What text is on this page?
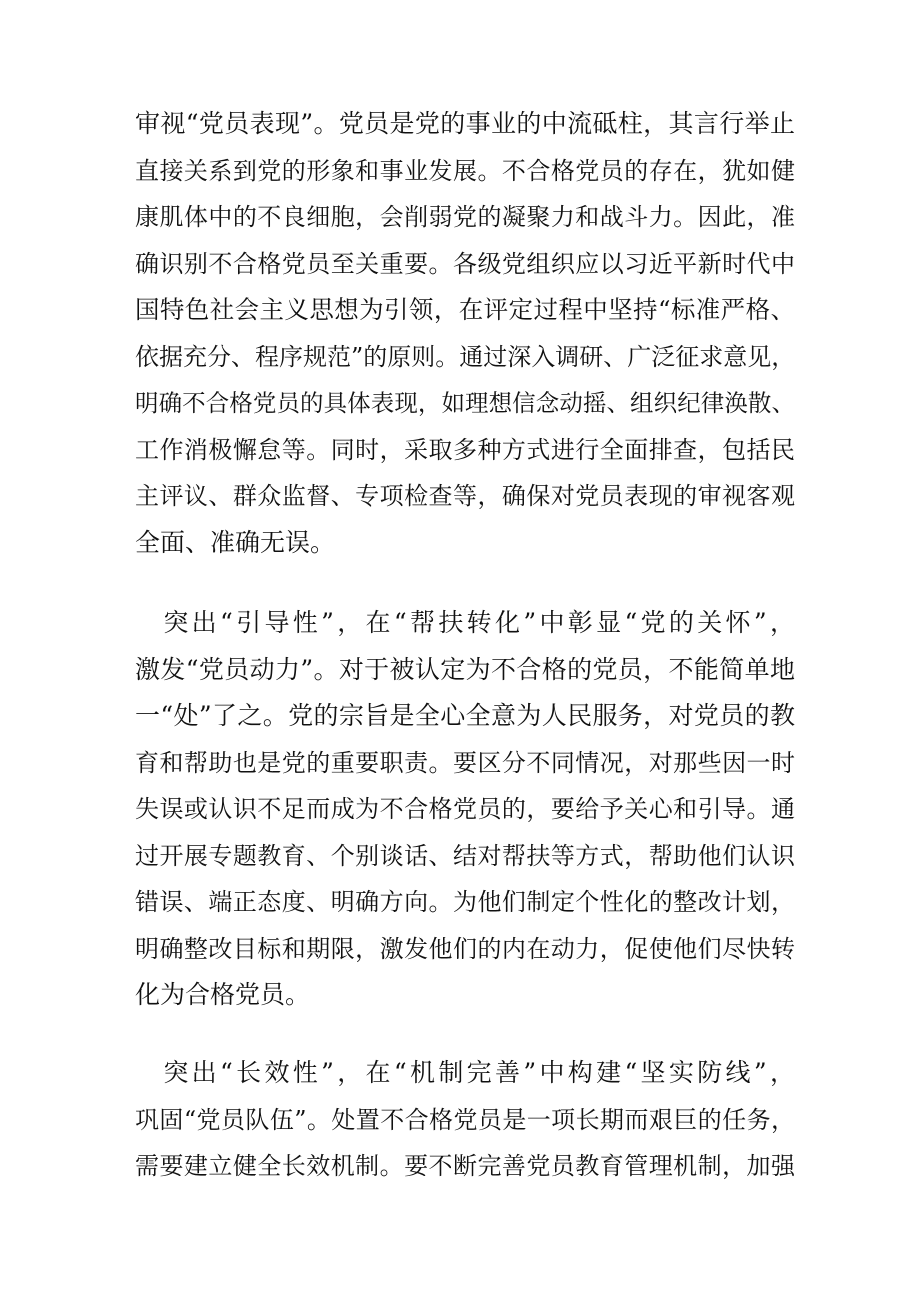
审视“党员表现”。党员是党的事业的中流砥柱，其言行举止
直接关系到党的形象和事业发展。不合格党员的存在，犹如健
康肌体中的不良细胞，会削弱党的凝聚力和战斗力。因此，准
确识别不合格党员至关重要。各级党组织应以习近平新时代中
国特色社会主义思想为引领，在评定过程中坚持“标准严格、
依据充分、程序规范”的原则。通过深入调研、广泛征求意见，
明确不合格党员的具体表现，如理想信念动摇、组织纪律涣散、
工作消极懈怠等。同时，采取多种方式进行全面排查，包括民
主评议、群众监督、专项检查等，确保对党员表现的审视客观
全面、准确无误。
　突出“引导性”，在“帮扶转化”中彰显“党的关怀”，
激发“党员动力”。对于被认定为不合格的党员，不能简单地
一“处”了之。党的宗旨是全心全意为人民服务，对党员的教
育和帮助也是党的重要职责。要区分不同情况，对那些因一时
失误或认识不足而成为不合格党员的，要给予关心和引导。通
过开展专题教育、个别谈话、结对帮扶等方式，帮助他们认识
错误、端正态度、明确方向。为他们制定个性化的整改计划，
明确整改目标和期限，激发他们的内在动力，促使他们尽快转
化为合格党员。
　突出“长效性”，在“机制完善”中构建“坚实防线”，
巩固“党员队伍”。处置不合格党员是一项长期而艰巨的任务，
需要建立健全长效机制。要不断完善党员教育管理机制，加强
